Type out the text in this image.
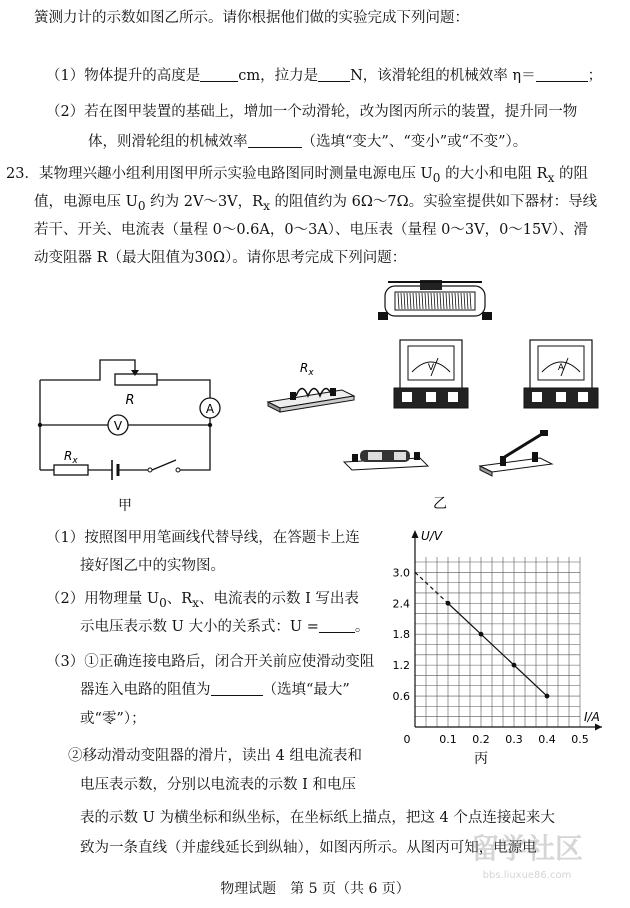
簧测力计的示数如图乙所示。请你根据他们做的实验完成下列问题：
（1）物体提升的高度是	cm，拉力是 N，该滑轮组的机械效率 η＝	；
（2）若在图甲装置的基础上，增加一个动滑轮，改为图丙所示的装置，提升同一物
体，则滑轮组的机械效率	（选填“变大”、“变小”或“不变”）。
23．某物理兴趣小组利用图甲所示实验电路图同时测量电源电压 $U_0$ 的大小和电阻 $R_x$ 的阻
值，电源电压 $U_0$ 约为 2V～3V，$R_x$ 的阻值约为 6Ω～7Ω。实验室提供如下器材：导线
若干、开关、电流表（量程 0～0.6A，0～3A）、电压表（量程 0～3V，0～15V）、滑
动变阻器 R（最大阻值为30Ω）。请你思考完成下列问题：
R
A
V
$R_x$
甲
$R_x$	V	A
乙
（1）按照图甲用笔画线代替导线，在答题卡上连
接好图乙中的实物图。
（2）用物理量 $U_0$、$R_x$、电流表的示数 I 写出表
示电压表示数 U 大小的关系式：U = 。
（3）①正确连接电路后，闭合开关前应使滑动变阻
器连入电路的阻值为	（选填“最大”
或“零”）；
②移动滑动变阻器的滑片，读出 4 组电流表和
电压表示数，分别以电流表的示数 I 和电压
表的示数 U 为横坐标和纵坐标，在坐标纸上描点，把这 4 个点连接起来大
致为一条直线（并虚线延长到纵轴），如图丙所示。从图丙可知，电源电
U/V
I/A
0	0.1 0.2 0.3 0.4 0.5
3.0
2.4
1.8
1.2
0.6
丙
物理试题　第 5 页（共 6 页）
留学社区
bbs.liuxue86.com
